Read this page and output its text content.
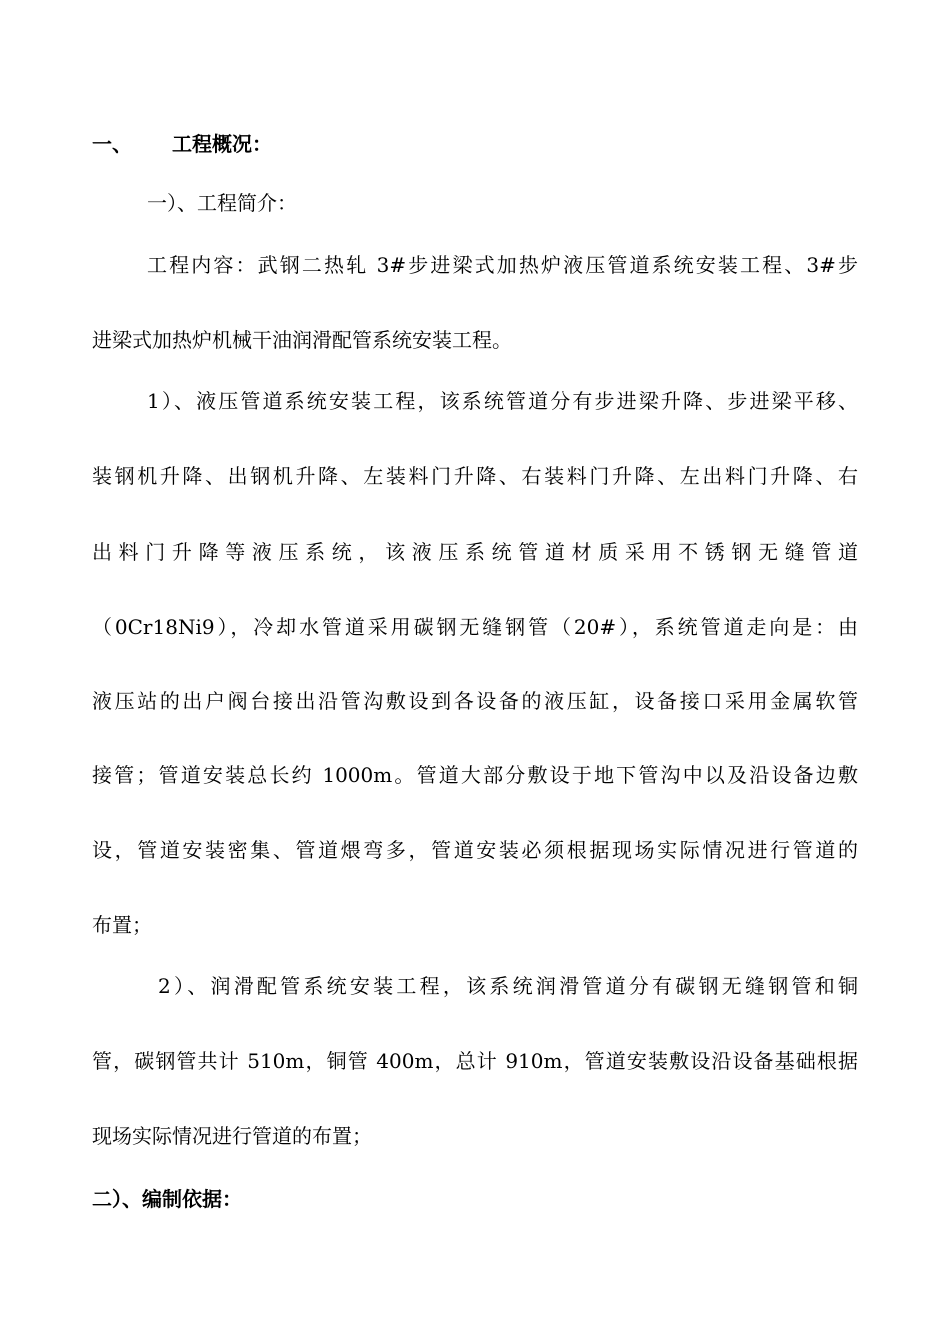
一、 工程概况：
一）、工程简介：
工程内容：武钢二热轧 3#步进梁式加热炉液压管道系统安装工程、3#步
进梁式加热炉机械干油润滑配管系统安装工程。
1）、液压管道系统安装工程，该系统管道分有步进梁升降、步进梁平移、
装钢机升降、出钢机升降、左装料门升降、右装料门升降、左出料门升降、右
出料门升降等液压系统，该液压系统管道材质采用不锈钢无缝管道
（0Cr18Ni9），冷却水管道采用碳钢无缝钢管（20#），系统管道走向是：由
液压站的出户阀台接出沿管沟敷设到各设备的液压缸，设备接口采用金属软管
接管；管道安装总长约 1000m。管道大部分敷设于地下管沟中以及沿设备边敷
设，管道安装密集、管道煨弯多，管道安装必须根据现场实际情况进行管道的
布置；
2）、润滑配管系统安装工程，该系统润滑管道分有碳钢无缝钢管和铜
管，碳钢管共计 510m，铜管 400m，总计 910m，管道安装敷设沿设备基础根据
现场实际情况进行管道的布置；
二）、编制依据：
